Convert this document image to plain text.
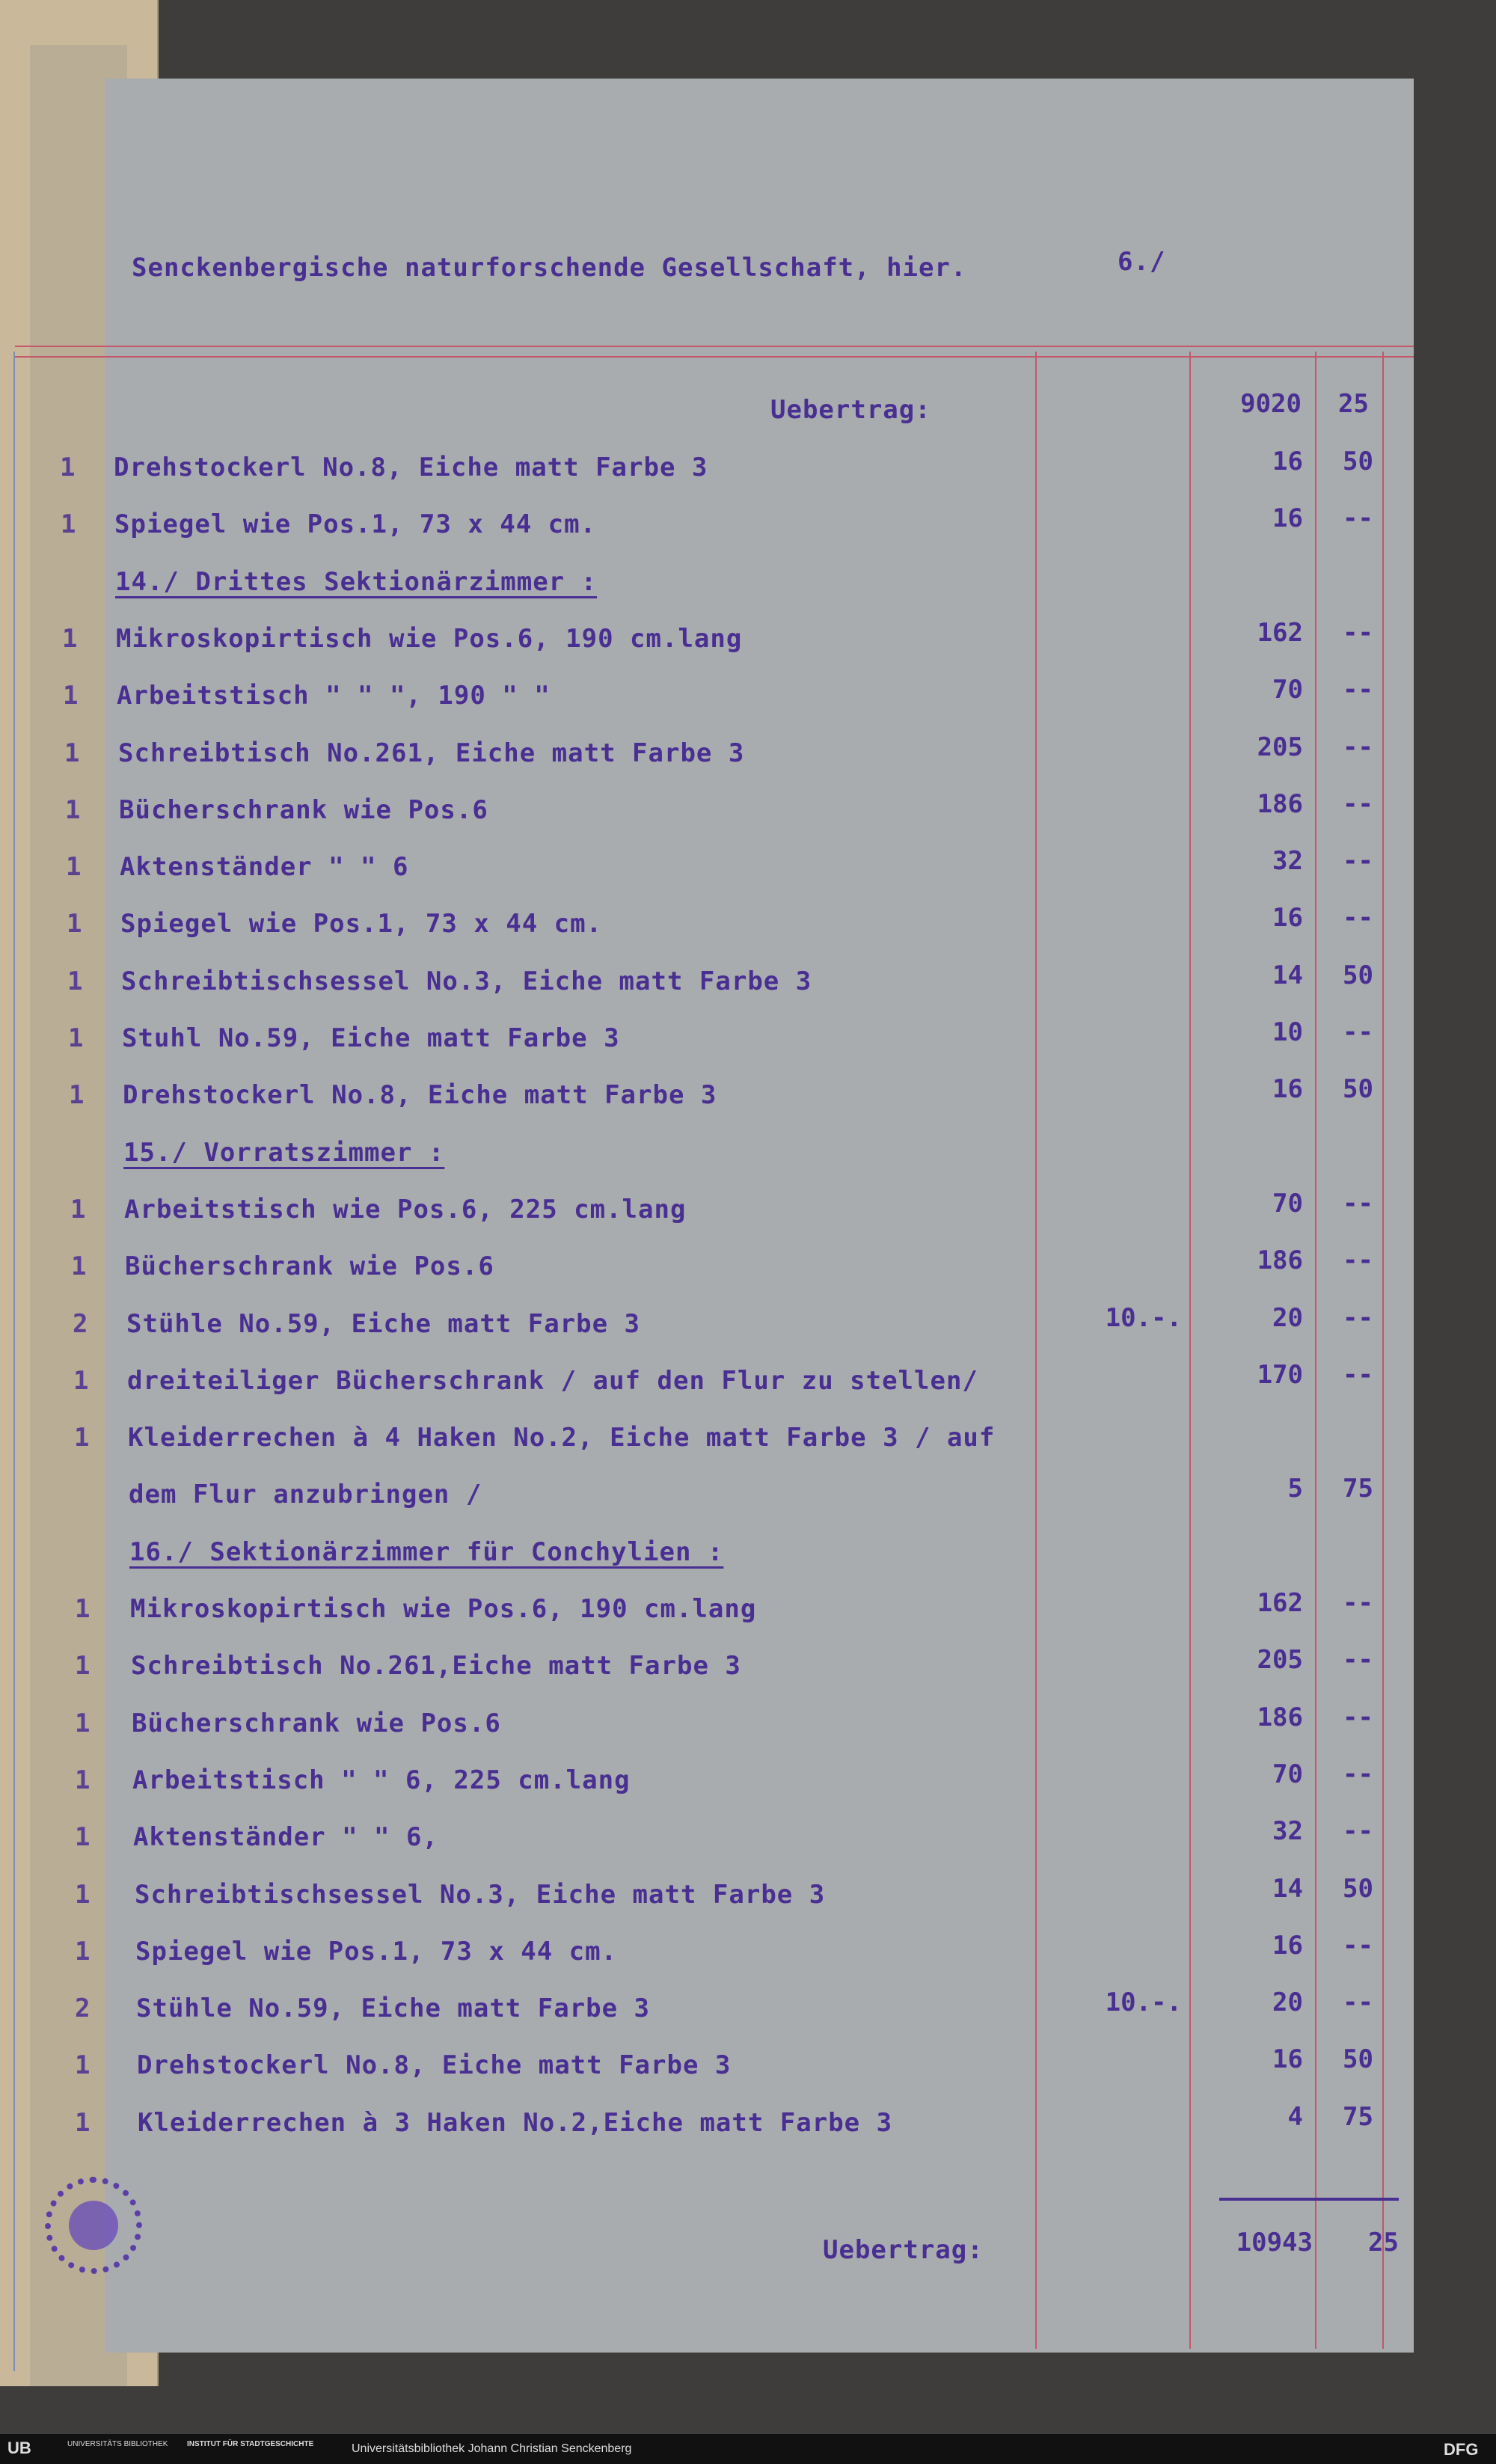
Senckenbergische naturforschende Gesellschaft, hier.	6./
Uebertrag:	9020	25
1 Drehstockerl No.8, Eiche matt Farbe 3	16	50
1 Spiegel wie Pos.1, 73 x 44 cm.	16	--
14./ Drittes Sektionärzimmer :
1 Mikroskopirtisch wie Pos.6, 190 cm.lang	162	--
1 Arbeitstisch " " ", 190 " "	70	--
1 Schreibtisch No.261, Eiche matt Farbe 3	205	--
1 Bücherschrank wie Pos.6	186	--
1 Aktenständer " " 6	32	--
1 Spiegel wie Pos.1, 73 x 44 cm.	16	--
1 Schreibtischsessel No.3, Eiche matt Farbe 3	14	50
1 Stuhl No.59, Eiche matt Farbe 3	10	--
1 Drehstockerl No.8, Eiche matt Farbe 3	16	50
15./ Vorratszimmer :
1 Arbeitstisch wie Pos.6, 225 cm.lang	70	--
1 Bücherschrank wie Pos.6	186	--
2 Stühle No.59, Eiche matt Farbe 3	10.-.	20	--
1 dreiteiliger Bücherschrank / auf den Flur zu stellen/	170	--
1 Kleiderrechen à 4 Haken No.2, Eiche matt Farbe 3 / auf
dem Flur anzubringen /	5	75
16./ Sektionärzimmer für Conchylien :
1 Mikroskopirtisch wie Pos.6, 190 cm.lang	162	--
1 Schreibtisch No.261,Eiche matt Farbe 3	205	--
1 Bücherschrank wie Pos.6	186	--
1 Arbeitstisch " " 6, 225 cm.lang	70	--
1 Aktenständer " " 6,	32	--
1 Schreibtischsessel No.3, Eiche matt Farbe 3	14	50
1 Spiegel wie Pos.1, 73 x 44 cm.	16	--
2 Stühle No.59, Eiche matt Farbe 3	10.-.	20	--
1 Drehstockerl No.8, Eiche matt Farbe 3	16	50
1 Kleiderrechen à 3 Haken No.2,Eiche matt Farbe 3	4	75
Uebertrag:	10943	25
UB	UNIVERSITÄTS BIBLIOTHEK	INSTITUT FÜR STADTGESCHICHTE	Universitätsbibliothek Johann Christian Senckenberg	DFG
